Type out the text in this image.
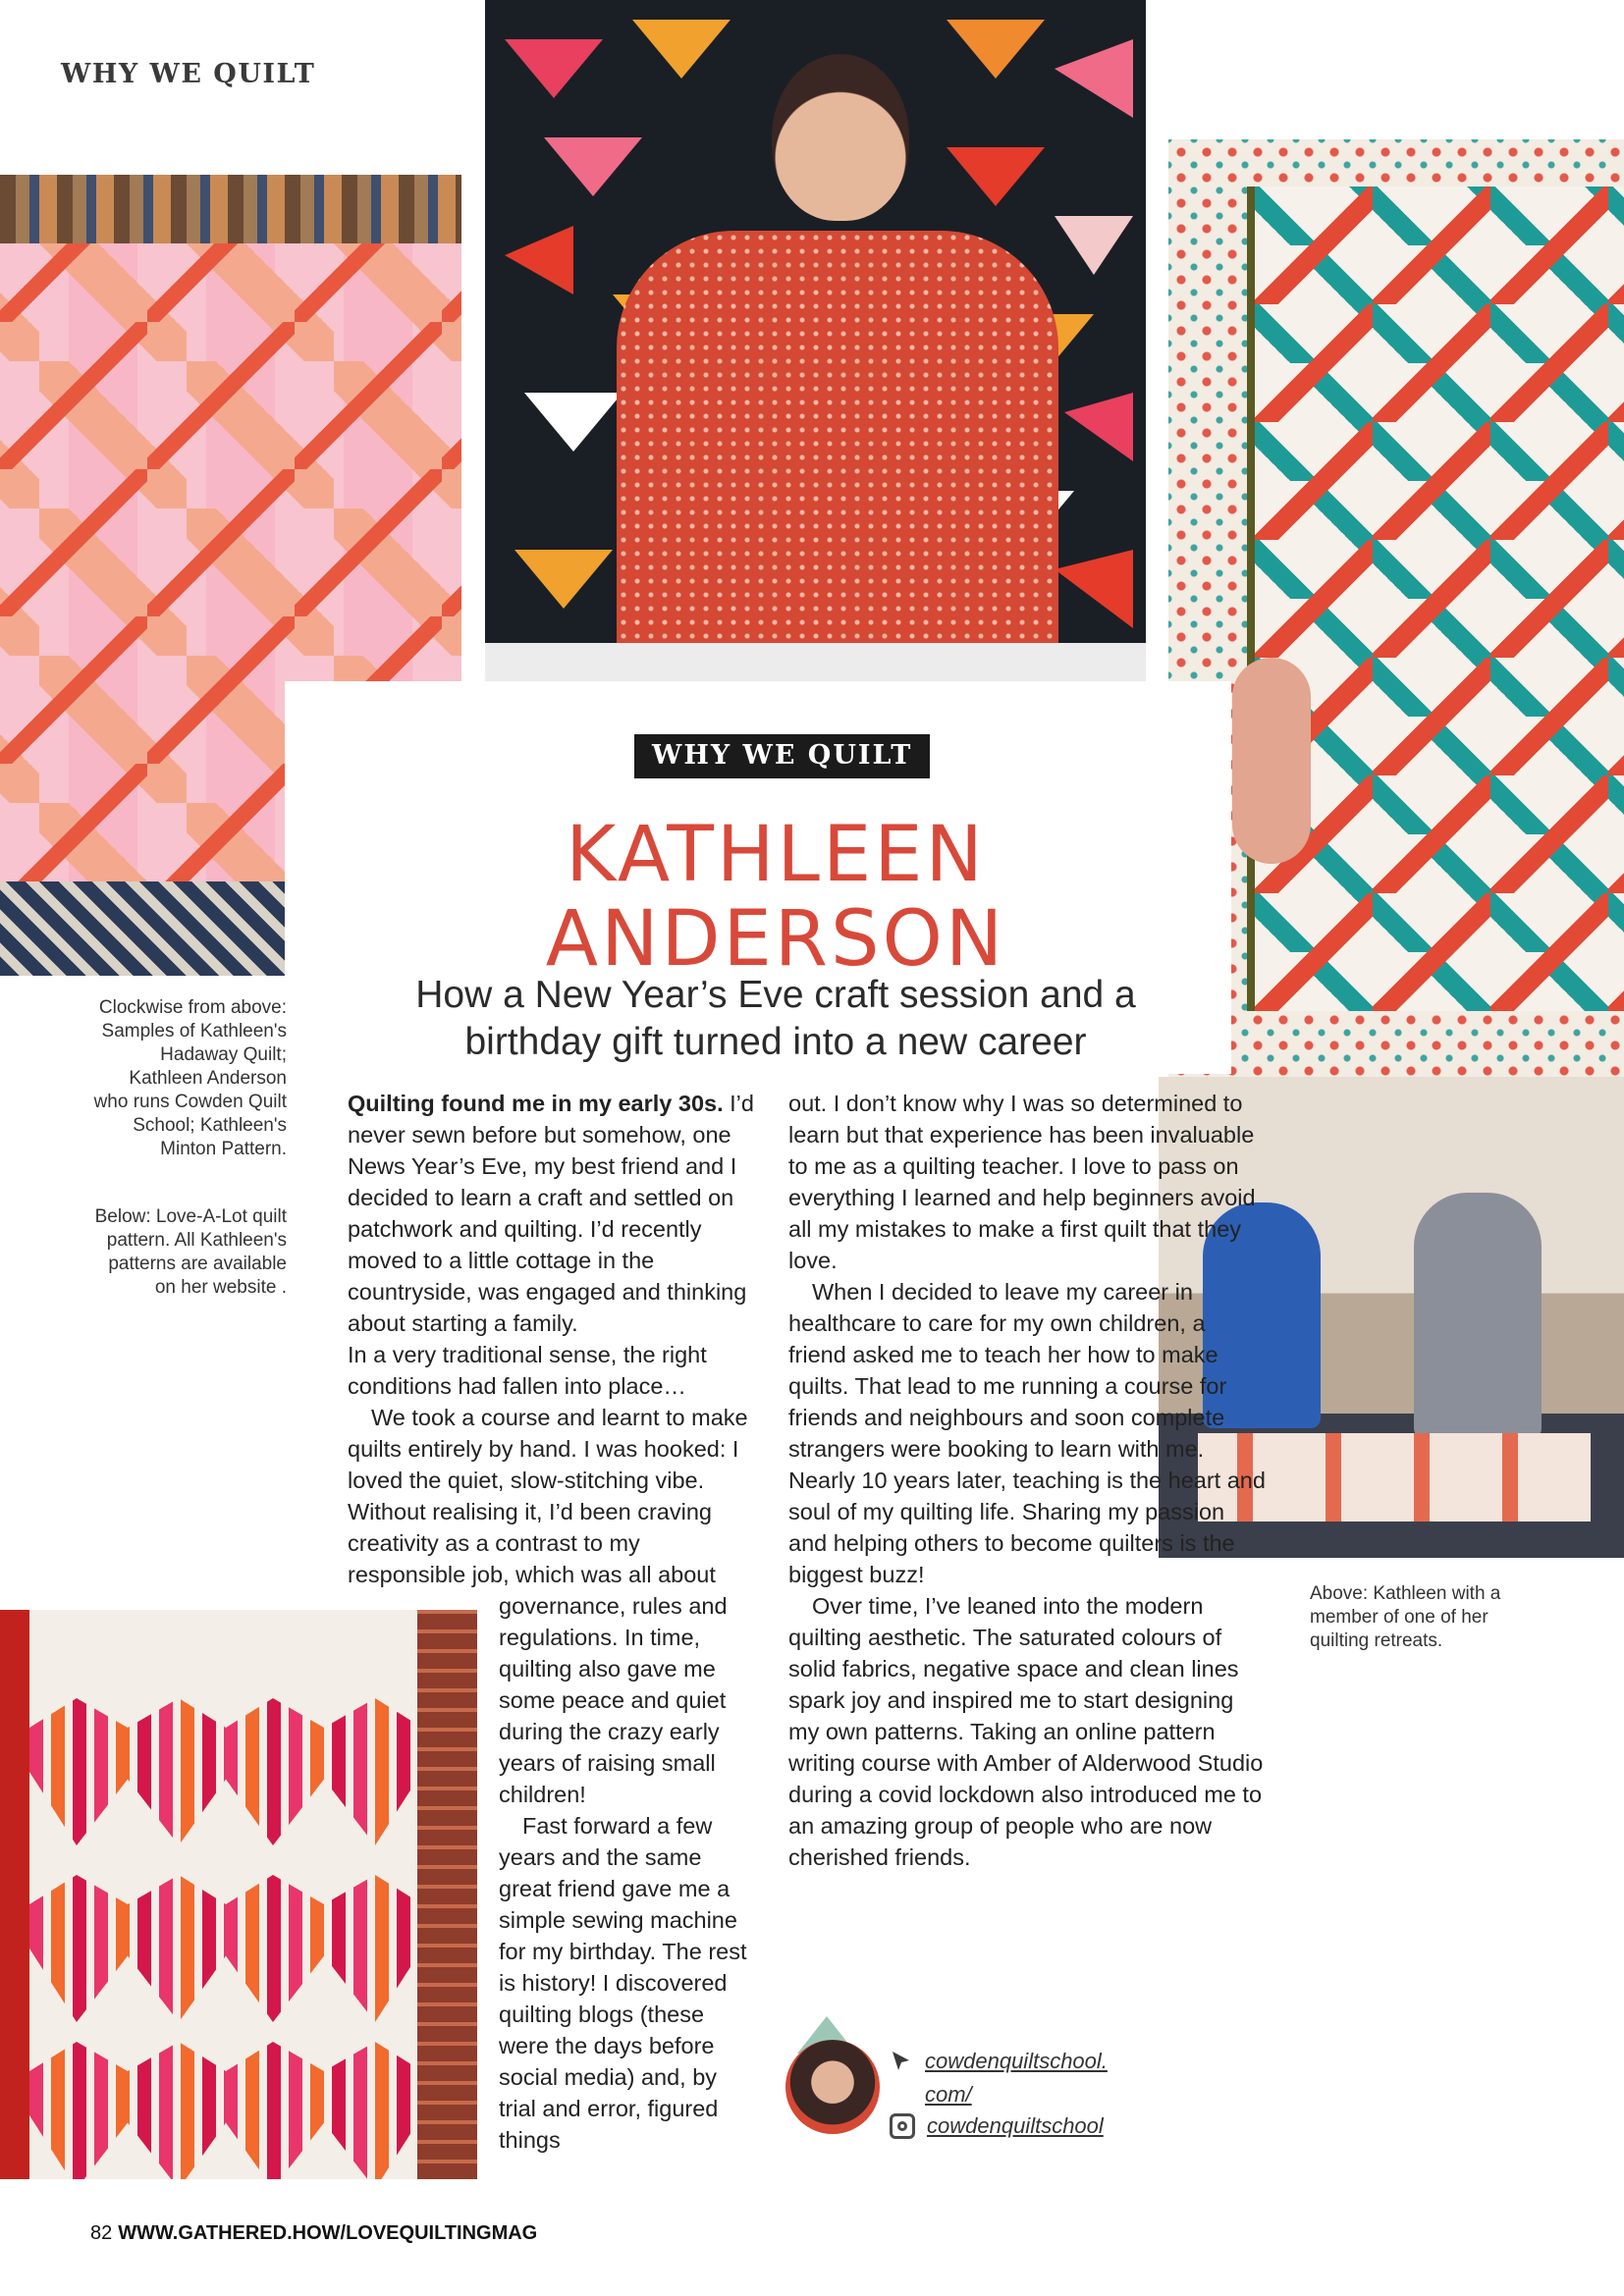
WHY WE QUILT
WHY WE QUILT
KATHLEEN
ANDERSON
How a New Year’s Eve craft session and a
birthday gift turned into a new career
Clockwise from above: Samples of Kathleen's Hadaway Quilt; Kathleen Anderson who runs Cowden Quilt School; Kathleen's Minton Pattern.
Below: Love-A-Lot quilt pattern. All Kathleen's patterns are available on her website .
Above: Kathleen with a member of one of her quilting retreats.

Quilting found me in my early 30s. I’d never sewn before but somehow, one News Year’s Eve, my best friend and I decided to learn a craft and settled on patchwork and quilting. I’d recently moved to a little cottage in the countryside, was engaged and thinking about starting a family.

In a very traditional sense, the right conditions had fallen into place…

We took a course and learnt to make quilts entirely by hand. I was hooked: I loved the quiet, slow-stitching vibe. Without realising it, I’d been craving creativity as a contrast to my responsible job, which was all about

governance, rules and regulations. In time, quilting also gave me some peace and quiet during the crazy early years of raising small children!

Fast forward a few years and the same great friend gave me a simple sewing machine for my birthday. The rest is history! I discovered quilting blogs (these were the days before social media) and, by trial and error, figured things

out. I don’t know why I was so determined to learn but that experience has been invaluable to me as a quilting teacher. I love to pass on everything I learned and help beginners avoid all my mistakes to make a first quilt that they love.

When I decided to leave my career in healthcare to care for my own children, a friend asked me to teach her how to make quilts. That lead to me running a course for friends and neighbours and soon complete strangers were booking to learn with me. Nearly 10 years later, teaching is the heart and soul of my quilting life. Sharing my passion and helping others to become quilters is the biggest buzz!

Over time, I’ve leaned into the modern quilting aesthetic. The saturated colours of solid fabrics, negative space and clean lines spark joy and inspired me to start designing my own patterns. Taking an online pattern writing course with Amber of Alderwood Studio during a covid lockdown also introduced me to an amazing group of people who are now cherished friends.

cowdenquiltschool.
com/
cowdenquiltschool
82 WWW.GATHERED.HOW/LOVEQUILTINGMAG
